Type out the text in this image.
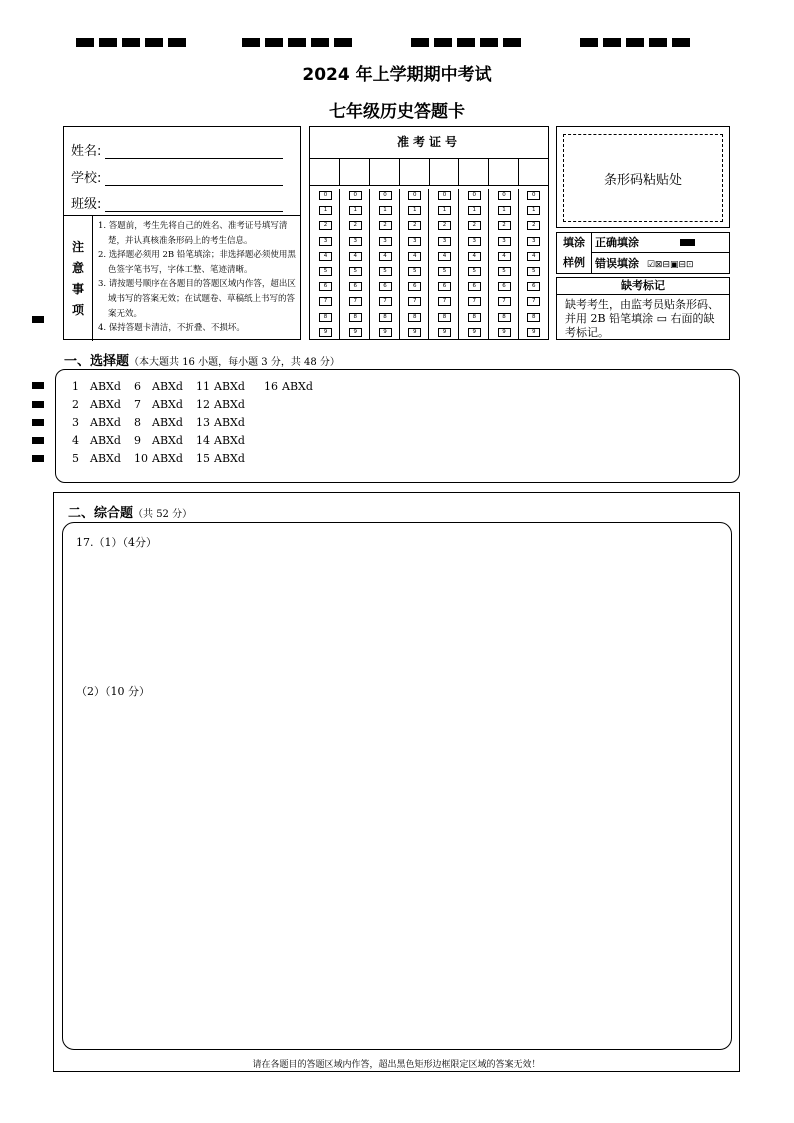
2024 年上学期期中考试
七年级历史答题卡
姓名:
学校:
班级:
注
意
事
项

1. 答题前，考生先将自己的姓名、准考证号填写清楚，并认真核准条形码上的考生信息。

2. 选择题必须用 2B 铅笔填涂；非选择题必须使用黑色签字笔书写，字体工整、笔迹清晰。

3. 请按题号顺序在各题目的答题区域内作答，超出区域书写的答案无效；在试题卷、草稿纸上书写的答案无效。

4. 保持答题卡清洁，不折叠、不损坏。

准考证号
0
1
2
3
4
5
6
7
8
9
0
1
2
3
4
5
6
7
8
9
0
1
2
3
4
5
6
7
8
9
0
1
2
3
4
5
6
7
8
9
0
1
2
3
4
5
6
7
8
9
0
1
2
3
4
5
6
7
8
9
0
1
2
3
4
5
6
7
8
9
0
1
2
3
4
5
6
7
8
9
条形码粘贴处
填涂
样例
正确填涂
错误填涂 ☑⊠⊟▣⊟⊡
缺考标记
缺考考生，由监考员贴条形码、并用 2B 铅笔填涂 ▭ 右面的缺考标记。
一、选择题（本大题共 16 小题，每小题 3 分，共 48 分）
1 ABXd 6 ABXd 11 ABXd 16 ABXd
2 ABXd 7 ABXd 12 ABXd
3 ABXd 8 ABXd 13 ABXd
4 ABXd 9 ABXd 14 ABXd
5 ABXd 10 ABXd 15 ABXd
二、综合题（共 52 分）
17.（1）（4分）
（2）（10 分）
请在各题目的答题区域内作答，超出黑色矩形边框限定区域的答案无效！
